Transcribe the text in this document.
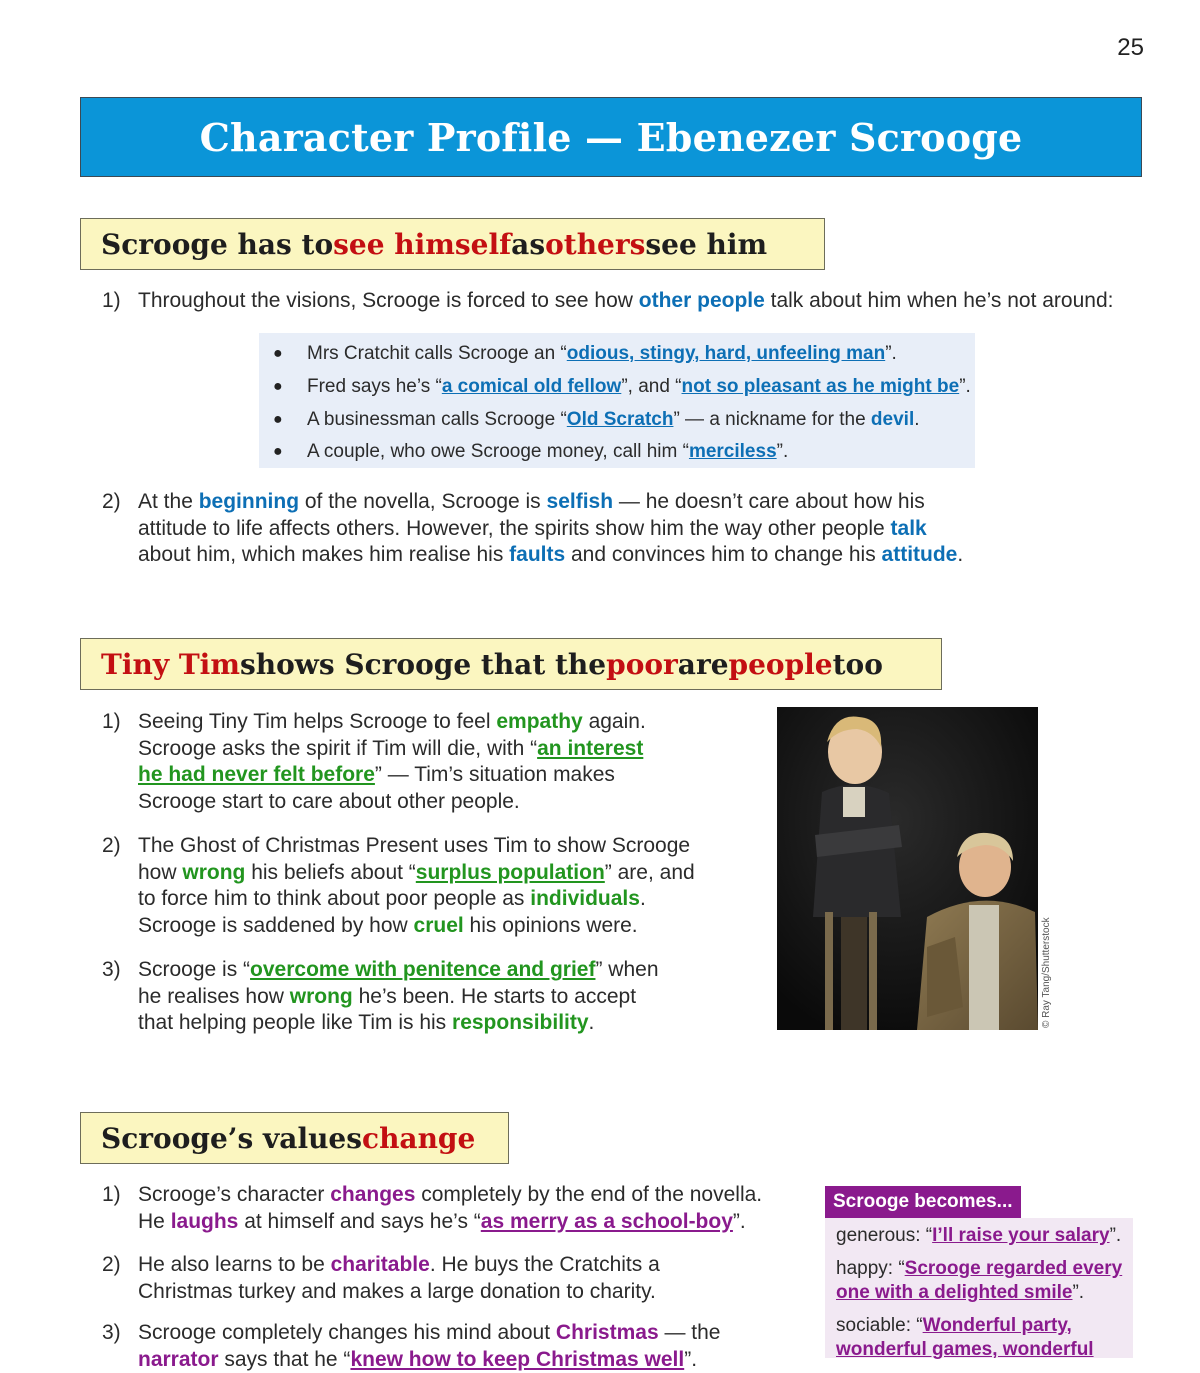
25
Character Profile — Ebenezer Scrooge
Scrooge has to see himself as others see him
1) Throughout the visions, Scrooge is forced to see how other people talk about him when he’s not around:
● Mrs Cratchit calls Scrooge an “odious, stingy, hard, unfeeling man”.
● Fred says he’s “a comical old fellow”, and “not so pleasant as he might be”.
● A businessman calls Scrooge “Old Scratch” — a nickname for the devil.
● A couple, who owe Scrooge money, call him “merciless”.
2) At the beginning of the novella, Scrooge is selfish — he doesn’t care about how his
attitude to life affects others. However, the spirits show him the way other people talk
about him, which makes him realise his faults and convinces him to change his attitude.
Tiny Tim shows Scrooge that the poor are people too
1) Seeing Tiny Tim helps Scrooge to feel empathy again.
Scrooge asks the spirit if Tim will die, with “an interest
he had never felt before” — Tim’s situation makes
Scrooge start to care about other people.
2) The Ghost of Christmas Present uses Tim to show Scrooge
how wrong his beliefs about “surplus population” are, and
to force him to think about poor people as individuals.
Scrooge is saddened by how cruel his opinions were.
3) Scrooge is “overcome with penitence and grief” when
he realises how wrong he’s been. He starts to accept
that helping people like Tim is his responsibility.	© Ray Tang/Shutterstock
Scrooge’s values change
1) Scrooge’s character changes completely by the end of the novella.
He laughs at himself and says he’s “as merry as a school-boy”.
2) He also learns to be charitable. He buys the Cratchits a
Christmas turkey and makes a large donation to charity.
3) Scrooge completely changes his mind about Christmas — the
narrator says that he “knew how to keep Christmas well”.
Scrooge becomes...
generous: “I’ll raise your salary”.
happy: “Scrooge regarded every
one with a delighted smile”.
sociable: “Wonderful party,
wonderful games, wonderful
